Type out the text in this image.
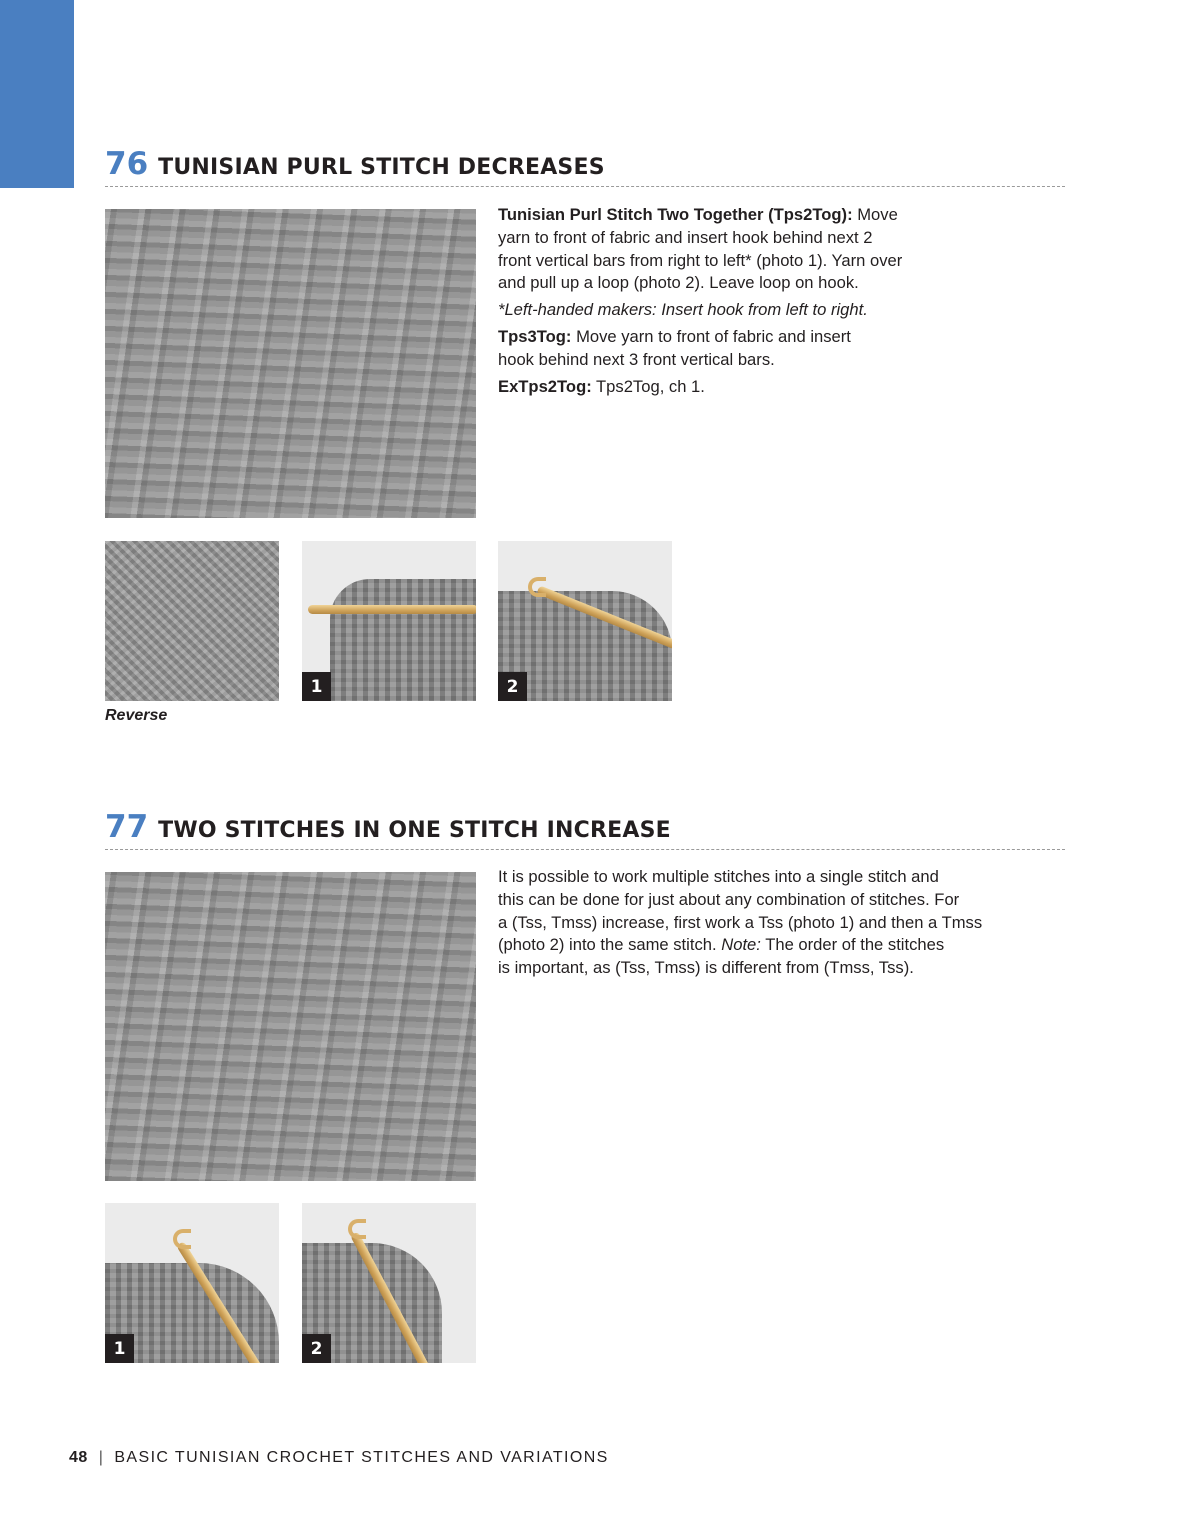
76 TUNISIAN PURL STITCH DECREASES

Tunisian Purl Stitch Two Together (Tps2Tog): Move
yarn to front of fabric and insert hook behind next 2
front vertical bars from right to left* (photo 1). Yarn over
and pull up a loop (photo 2). Leave loop on hook.

*Left-handed makers: Insert hook from left to right.

Tps3Tog: Move yarn to front of fabric and insert
hook behind next 3 front vertical bars.

ExTps2Tog: Tps2Tog, ch 1.

Reverse
1	2
77 TWO STITCHES IN ONE STITCH INCREASE

It is possible to work multiple stitches into a single stitch and
this can be done for just about any combination of stitches. For
a (Tss, Tmss) increase, first work a Tss (photo 1) and then a Tmss
(photo 2) into the same stitch. Note: The order of the stitches
is important, as (Tss, Tmss) is different from (Tmss, Tss).

1	2
48 | BASIC TUNISIAN CROCHET STITCHES AND VARIATIONS
